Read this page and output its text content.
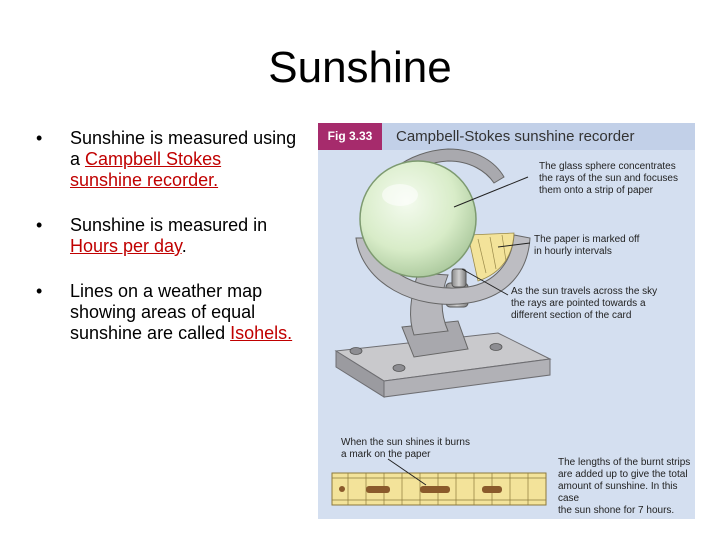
Sunshine
• Sunshine is measured using a Campbell Stokes sunshine recorder.
• Sunshine is measured in Hours per day.
• Lines on a weather map showing areas of equal sunshine are called Isohels.
Fig 3.33	Campbell-Stokes sunshine recorder
The glass sphere concentrates
the rays of the sun and focuses
them onto a strip of paper
The paper is marked off
in hourly intervals
As the sun travels across the sky
the rays are pointed towards a
different section of the card
When the sun shines it burns
a mark on the paper
The lengths of the burnt strips
are added up to give the total
amount of sunshine. In this case
the sun shone for 7 hours.
